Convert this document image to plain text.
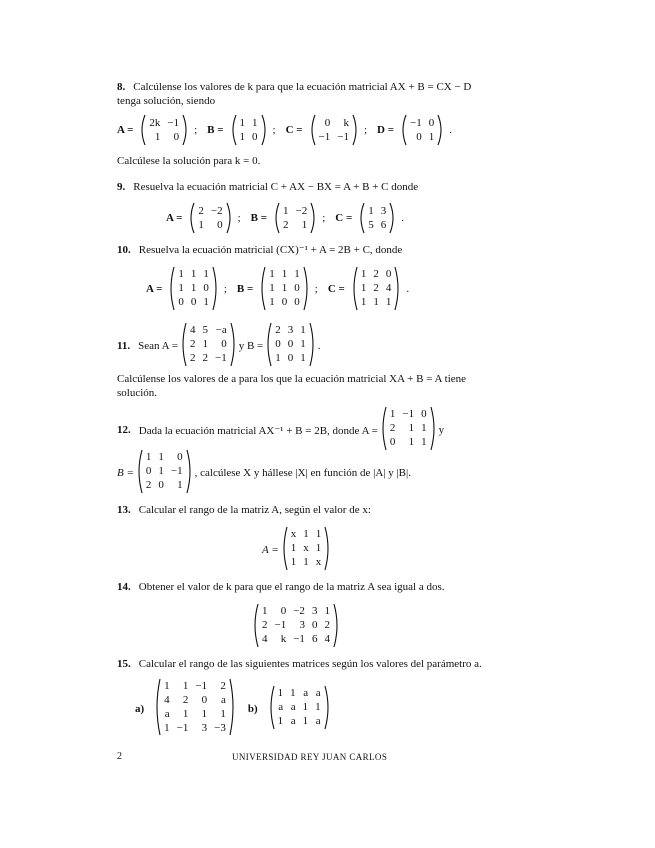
8. Calcúlense los valores de k para que la ecuación matricial AX + B = CX − D
tenga solución, siendo
A =
2k −1
1	0
; B =
1 1
1 0
; C =
0	k
−1 −1
; D =
−1 0
0 1
.
Calcúlese la solución para k = 0.
9. Resuelva la ecuación matricial C + AX − BX = A + B + C donde
A =
2 −2
1	0
; B =
1 −2
2	1
; C =
1 3
5 6
.
10. Resuelva la ecuación matricial (CX)⁻¹ + A = 2B + C, donde
A =
1 1 1
1 1 0
0 0 1
; B =
1 1 1
1 1 0
1 0 0
; C =
1 2 0
1 2 4
1 1 1
.
11. Sean A =
4 5 −a
2 1	0
2 2 −1
y B =
2 3 1
0 0 1
1 0 1
.
Calcúlense los valores de a para los que la ecuación matricial XA + B = A tiene
solución.
12. Dada la ecuación matricial AX⁻¹ + B = 2B, donde A =
1 −1 0
2	1 1
0	1 1
y
B =
1 1	0
0 1 −1
2 0	1
, calcúlese X y hállese |X| en función de |A| y |B|.
13. Calcular el rango de la matriz A, según el valor de x:
A =
x 1 1
1 x 1
1 1 x
14. Obtener el valor de k para que el rango de la matriz A sea igual a dos.
1	0 −2 3 1
2 −1	3 0 2
4	k −1 6 4
15. Calcular el rango de las siguientes matrices según los valores del parámetro a.
a)
1	1 −1	2
4	2	0	a
a	1	1	1
1 −1	3 −3
b)
1 1 a a
a a 1 1
1 a 1 a
2	UNIVERSIDAD REY JUAN CARLOS
